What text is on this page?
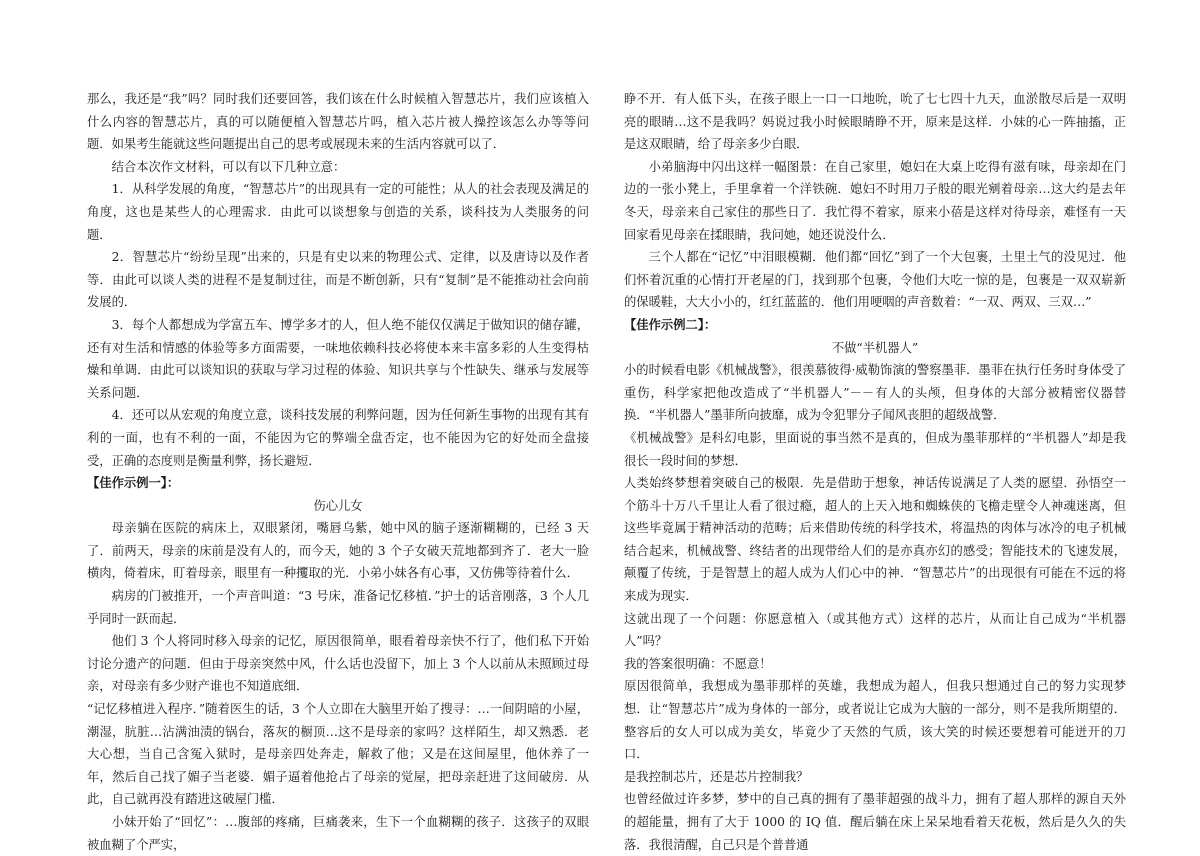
那么，我还是“我”吗？同时我们还要回答，我们该在什么时候植入智慧芯片，我们应该植入什么内容的智慧芯片，真的可以随便植入智慧芯片吗，植入芯片被人操控该怎么办等等问题．如果考生能就这些问题提出自己的思考或展现未来的生活内容就可以了．

结合本次作文材料，可以有以下几种立意：

1．从科学发展的角度，“智慧芯片”的出现具有一定的可能性；从人的社会表现及满足的角度，这也是某些人的心理需求．由此可以谈想象与创造的关系，谈科技为人类服务的问题．

2．智慧芯片“纷纷呈现”出来的，只是有史以来的物理公式、定律，以及唐诗以及作者等．由此可以谈人类的进程不是复制过往，而是不断创新，只有“复制”是不能推动社会向前发展的．

3．每个人都想成为学富五车、博学多才的人，但人绝不能仅仅满足于做知识的储存罐，还有对生活和情感的体验等多方面需要，一味地依赖科技必将使本来丰富多彩的人生变得枯燥和单调．由此可以谈知识的获取与学习过程的体验、知识共享与个性缺失、继承与发展等关系问题．

4．还可以从宏观的角度立意，谈科技发展的利弊问题，因为任何新生事物的出现有其有利的一面，也有不利的一面，不能因为它的弊端全盘否定，也不能因为它的好处而全盘接受，正确的态度则是衡量利弊，扬长避短．

【佳作示例一】：

伤心儿女

母亲躺在医院的病床上，双眼紧闭，嘴唇乌紫，她中风的脑子逐渐糊糊的，已经 3 天了．前两天，母亲的床前是没有人的，而今天，她的 3 个子女破天荒地都到齐了．老大一脸横肉，倚着床，盯着母亲，眼里有一种攫取的光．小弟小妹各有心事，又仿佛等待着什么．

病房的门被推开，一个声音叫道：“3 号床，准备记忆移植．”护士的话音刚落，3 个人几乎同时一跃而起．

他们 3 个人将同时移入母亲的记忆，原因很简单，眼看着母亲快不行了，他们私下开始讨论分遗产的问题．但由于母亲突然中风，什么话也没留下，加上 3 个人以前从未照顾过母亲，对母亲有多少财产谁也不知道底细．

“记忆移植进入程序．”随着医生的话，3 个人立即在大脑里开始了搜寻：…一间阴暗的小屋，潮湿，肮脏…沾满油渍的锅台，落灰的橱顶…这不是母亲的家吗？这样陌生，却又熟悉．老大心想，当自己含冤入狱时，是母亲四处奔走，解救了他；又是在这间屋里，他休养了一年，然后自己找了媚子当老婆．媚子逼着他抢占了母亲的觉屋，把母亲赶进了这间破房．从此，自己就再没有踏进这破屋门槛．

小妹开始了“回忆”：…腹部的疼痛，巨痛袭来，生下一个血糊糊的孩子．这孩子的双眼被血糊了个严实，

睁不开．有人低下头，在孩子眼上一口一口地吮，吮了七七四十九天，血淤散尽后是一双明亮的眼睛…这不是我吗？妈说过我小时候眼睛睁不开，原来是这样．小妹的心一阵抽搐，正是这双眼睛，给了母亲多少白眼．

小弟脑海中闪出这样一幅图景：在自己家里，媳妇在大桌上吃得有滋有味，母亲却在门边的一张小凳上，手里拿着一个洋铁碗．媳妇不时用刀子般的眼光剜着母亲…这大约是去年冬天，母亲来自己家住的那些日了．我忙得不着家，原来小蓓是这样对待母亲，难怪有一天回家看见母亲在揉眼睛，我问她，她还说没什么．

三个人都在“记忆”中泪眼模糊．他们都“回忆”到了一个大包裹，土里土气的没见过．他们怀着沉重的心情打开老屋的门，找到那个包裹，令他们大吃一惊的是，包裹是一双双崭新的保暖鞋，大大小小的，红红蓝蓝的．他们用哽咽的声音数着：“一双、两双、三双…”

【佳作示例二】：

不做“半机器人”

小的时候看电影《机械战警》，很羡慕彼得·威勒饰演的警察墨菲．墨菲在执行任务时身体受了重伤，科学家把他改造成了“半机器人”－－有人的头颅，但身体的大部分被精密仪器替换．“半机器人”墨菲所向披靡，成为令犯罪分子闻风丧胆的超级战警．

《机械战警》是科幻电影，里面说的事当然不是真的，但成为墨菲那样的“半机器人”却是我很长一段时间的梦想．

人类始终梦想着突破自己的极限．先是借助于想象，神话传说满足了人类的愿望．孙悟空一个筋斗十万八千里让人看了很过瘾，超人的上天入地和蜘蛛侠的飞檐走壁令人神魂迷离，但这些毕竟属于精神活动的范畴；后来借助传统的科学技术，将温热的肉体与冰冷的电子机械结合起来，机械战警、终结者的出现带给人们的是亦真亦幻的感受；智能技术的飞速发展，颠覆了传统，于是智慧上的超人成为人们心中的神．“智慧芯片”的出现很有可能在不远的将来成为现实．

这就出现了一个问题：你愿意植入（或其他方式）这样的芯片，从而让自己成为“半机器人”吗？

我的答案很明确：不愿意！

原因很简单，我想成为墨菲那样的英雄，我想成为超人，但我只想通过自己的努力实现梦想．让“智慧芯片”成为身体的一部分，或者说让它成为大脑的一部分，则不是我所期望的．整容后的女人可以成为美女，毕竟少了天然的气质，该大笑的时候还要想着可能迸开的刀口．

是我控制芯片，还是芯片控制我？

也曾经做过许多梦，梦中的自己真的拥有了墨菲超强的战斗力，拥有了超人那样的源自天外的超能量，拥有了大于 1000 的 IQ 值．醒后躺在床上呆呆地看着天花板，然后是久久的失落．我很清醒，自己只是个普普通
